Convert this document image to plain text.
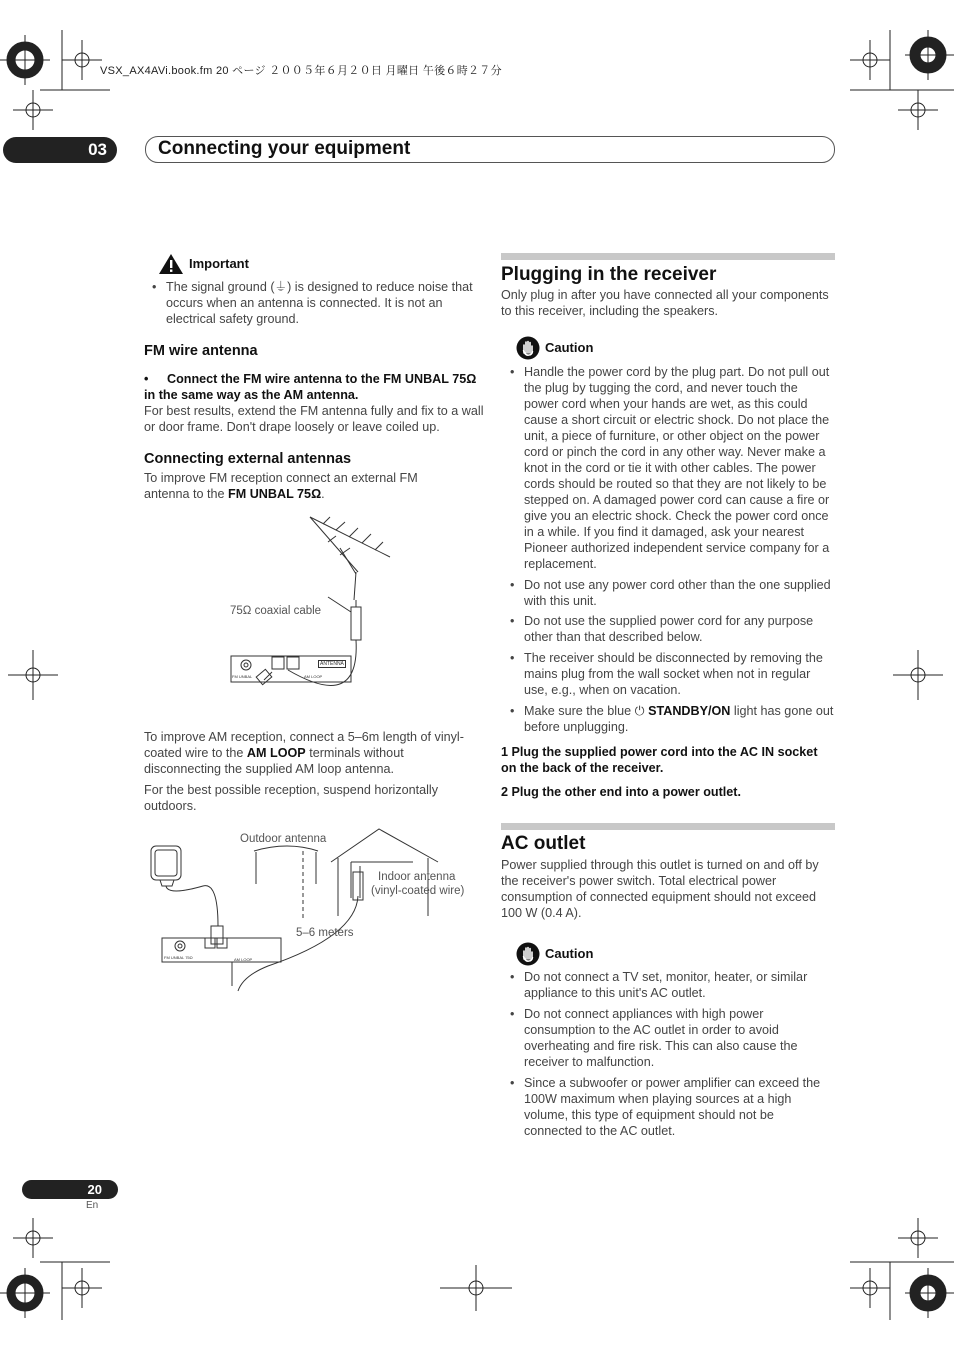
VSX_AX4AVi.book.fm 20 ページ ２００５年６月２０日 月曜日 午後６時２７分
03	Connecting your equipment
Important
• The signal ground (⏚) is designed to reduce noise that occurs when an antenna is connected. It is not an electrical safety ground.
FM wire antenna
• Connect the FM wire antenna to the FM UNBAL 75Ω in the same way as the AM antenna.
For best results, extend the FM antenna fully and fix to a wall or door frame. Don't drape loosely or leave coiled up.
Connecting external antennas
To improve FM reception connect an external FM antenna to the FM UNBAL 75Ω.
75Ω coaxial cable
ANTENNA
FM UNBAL	AM LOOP
To improve AM reception, connect a 5–6m length of vinyl-coated wire to the AM LOOP terminals without disconnecting the supplied AM loop antenna.
For the best possible reception, suspend horizontally outdoors.
Outdoor antenna
Indoor antenna
(vinyl-coated wire)
5–6 meters
FM UNBAL 75Ω	AM LOOP
Plugging in the receiver
Only plug in after you have connected all your components to this receiver, including the speakers.
Caution
• Handle the power cord by the plug part. Do not pull out the plug by tugging the cord, and never touch the power cord when your hands are wet, as this could cause a short circuit or electric shock. Do not place the unit, a piece of furniture, or other object on the power cord or pinch the cord in any other way. Never make a knot in the cord or tie it with other cables. The power cords should be routed so that they are not likely to be stepped on. A damaged power cord can cause a fire or give you an electric shock. Check the power cord once in a while. If you find it damaged, ask your nearest Pioneer authorized independent service company for a replacement.
• Do not use any power cord other than the one supplied with this unit.
• Do not use the supplied power cord for any purpose other than that described below.
• The receiver should be disconnected by removing the mains plug from the wall socket when not in regular use, e.g., when on vacation.
• Make sure the blue ⏻ STANDBY/ON light has gone out before unplugging.
1 Plug the supplied power cord into the AC IN socket on the back of the receiver.
2 Plug the other end into a power outlet.
AC outlet
Power supplied through this outlet is turned on and off by the receiver's power switch. Total electrical power consumption of connected equipment should not exceed 100 W (0.4 A).
Caution
• Do not connect a TV set, monitor, heater, or similar appliance to this unit's AC outlet.
• Do not connect appliances with high power consumption to the AC outlet in order to avoid overheating and fire risk. This can also cause the receiver to malfunction.
• Since a subwoofer or power amplifier can exceed the 100W maximum when playing sources at a high volume, this type of equipment should not be connected to the AC outlet.
20
En
